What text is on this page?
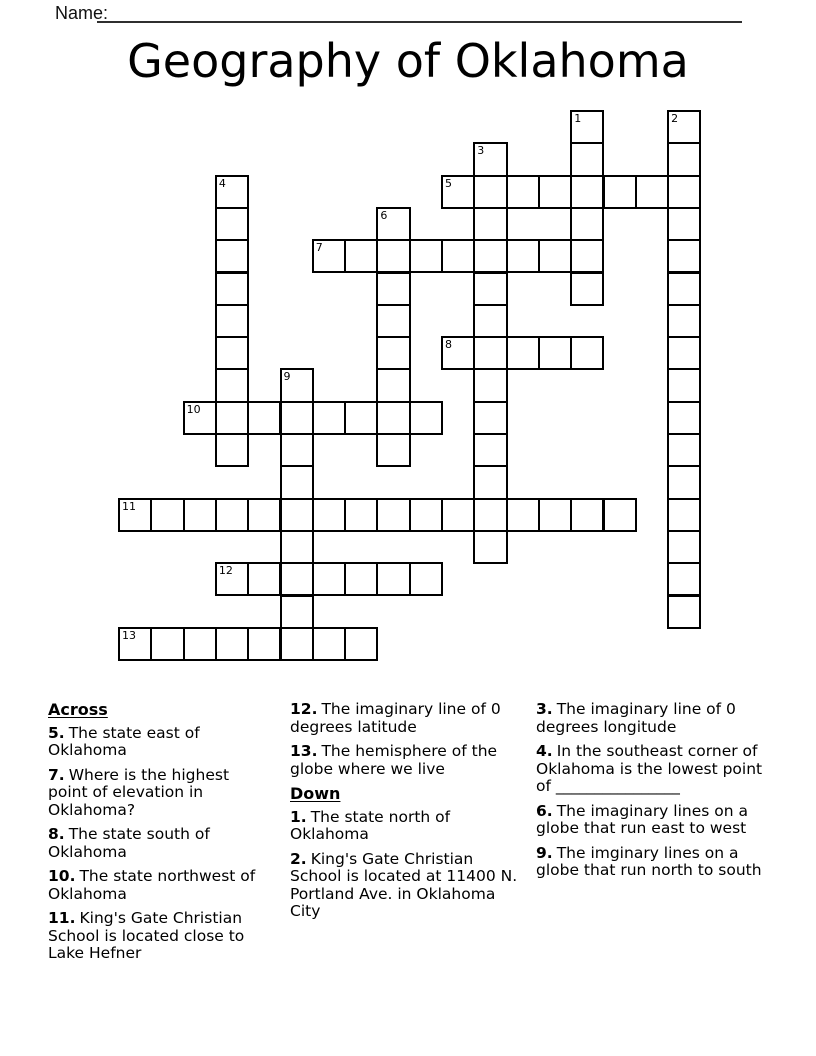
Name:
Geography of Oklahoma
1	2
3
4	5
6
7
8
9
10
11
12
13
Across
5. The state east of Oklahoma
7. Where is the highest point of elevation in Oklahoma?
8. The state south of Oklahoma
10. The state northwest of Oklahoma
11. King's Gate Christian School is located close to Lake Hefner
12. The imaginary line of 0 degrees latitude
13. The hemisphere of the globe where we live
Down
1. The state north of Oklahoma
2. King's Gate Christian School is located at 11400 N. Portland Ave. in Oklahoma City
3. The imaginary line of 0 degrees longitude
4. In the southeast corner of Oklahoma is the lowest point of ________________
6. The imaginary lines on a globe that run east to west
9. The imginary lines on a globe that run north to south
